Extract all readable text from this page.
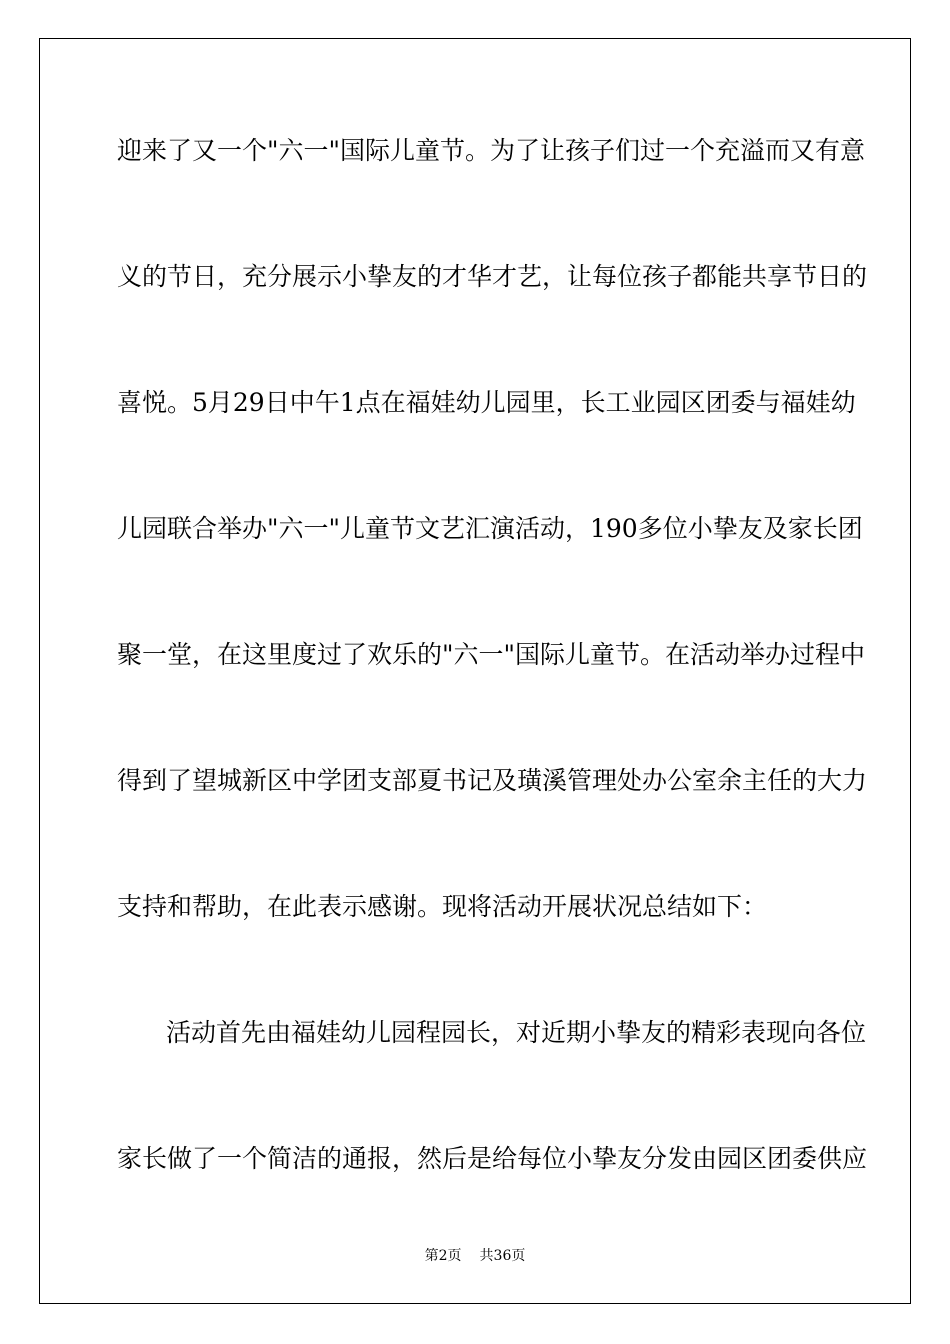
迎来了又一个"六一"国际儿童节。为了让孩子们过一个充溢而又有意

义的节日，充分展示小挚友的才华才艺，让每位孩子都能共享节日的

喜悦。5月29日中午1点在福娃幼儿园里，长工业园区团委与福娃幼

儿园联合举办"六一"儿童节文艺汇演活动，190多位小挚友及家长团

聚一堂，在这里度过了欢乐的"六一"国际儿童节。在活动举办过程中

得到了望城新区中学团支部夏书记及璜溪管理处办公室余主任的大力

支持和帮助，在此表示感谢。现将活动开展状况总结如下：

活动首先由福娃幼儿园程园长，对近期小挚友的精彩表现向各位

家长做了一个简洁的通报，然后是给每位小挚友分发由园区团委供应

第2页 共36页
